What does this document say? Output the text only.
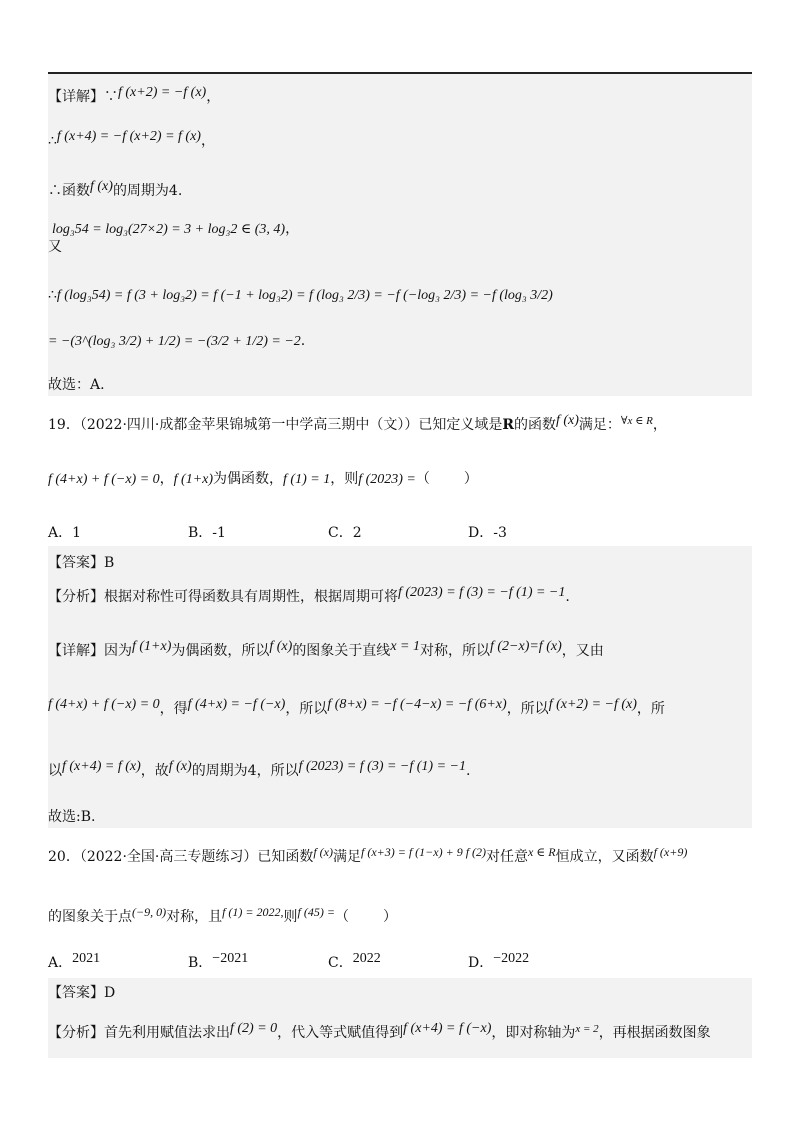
【详解】∵f (x+2) = −f (x)，
∴f (x+4) = −f (x+2) = f (x)，
∴函数f (x)的周期为4.
log₃54 = log₃(27×2) = 3 + log₃2 ∈ (3, 4)，
又
∴f (log₃54) = f (3 + log₃2) = f (−1 + log₃2) = f (log₃ 2/3) = −f (−log₃ 2/3) = −f (log₃ 3/2)
= −(3^(log₃ 3/2) + 1/2) = −(3/2 + 1/2) = −2.
故选：A.
19．（2022·四川·成都金苹果锦城第一中学高三期中（文））已知定义域是R的函数f (x)满足：$^{\forall x \in R}$，
f (4+x) + f (−x) = 0，f (1+x)为偶函数，f (1) = 1，则f (2023) =（　　）
A．1	B．-1	C．2	D．-3
【答案】B
【分析】根据对称性可得函数具有周期性，根据周期可将f (2023) = f (3) = −f (1) = −1.
【详解】因为f (1+x)为偶函数，所以f (x)的图象关于直线x = 1对称，所以f (2−x)=f (x)，又由
f (4+x) + f (−x) = 0，得f (4+x) = −f (−x)，所以f (8+x) = −f (−4−x) = −f (6+x)，所以f (x+2) = −f (x)，所
以f (x+4) = f (x)，故f (x)的周期为4，所以f (2023) = f (3) = −f (1) = −1.
故选:B.
20．（2022·全国·高三专题练习）已知函数f (x)满足f (x+3) = f (1−x) + 9 f (2)对任意x ∈ R恒成立，又函数f (x+9)
的图象关于点(−9, 0)对称，且f (1) = 2022,则f (45) =（　　）
A．2021	B．−2021	C．2022	D．−2022
【答案】D
【分析】首先利用赋值法求出f (2) = 0，代入等式赋值得到f (x+4) = f (−x)，即对称轴为$^{x = 2}$，再根据函数图象
